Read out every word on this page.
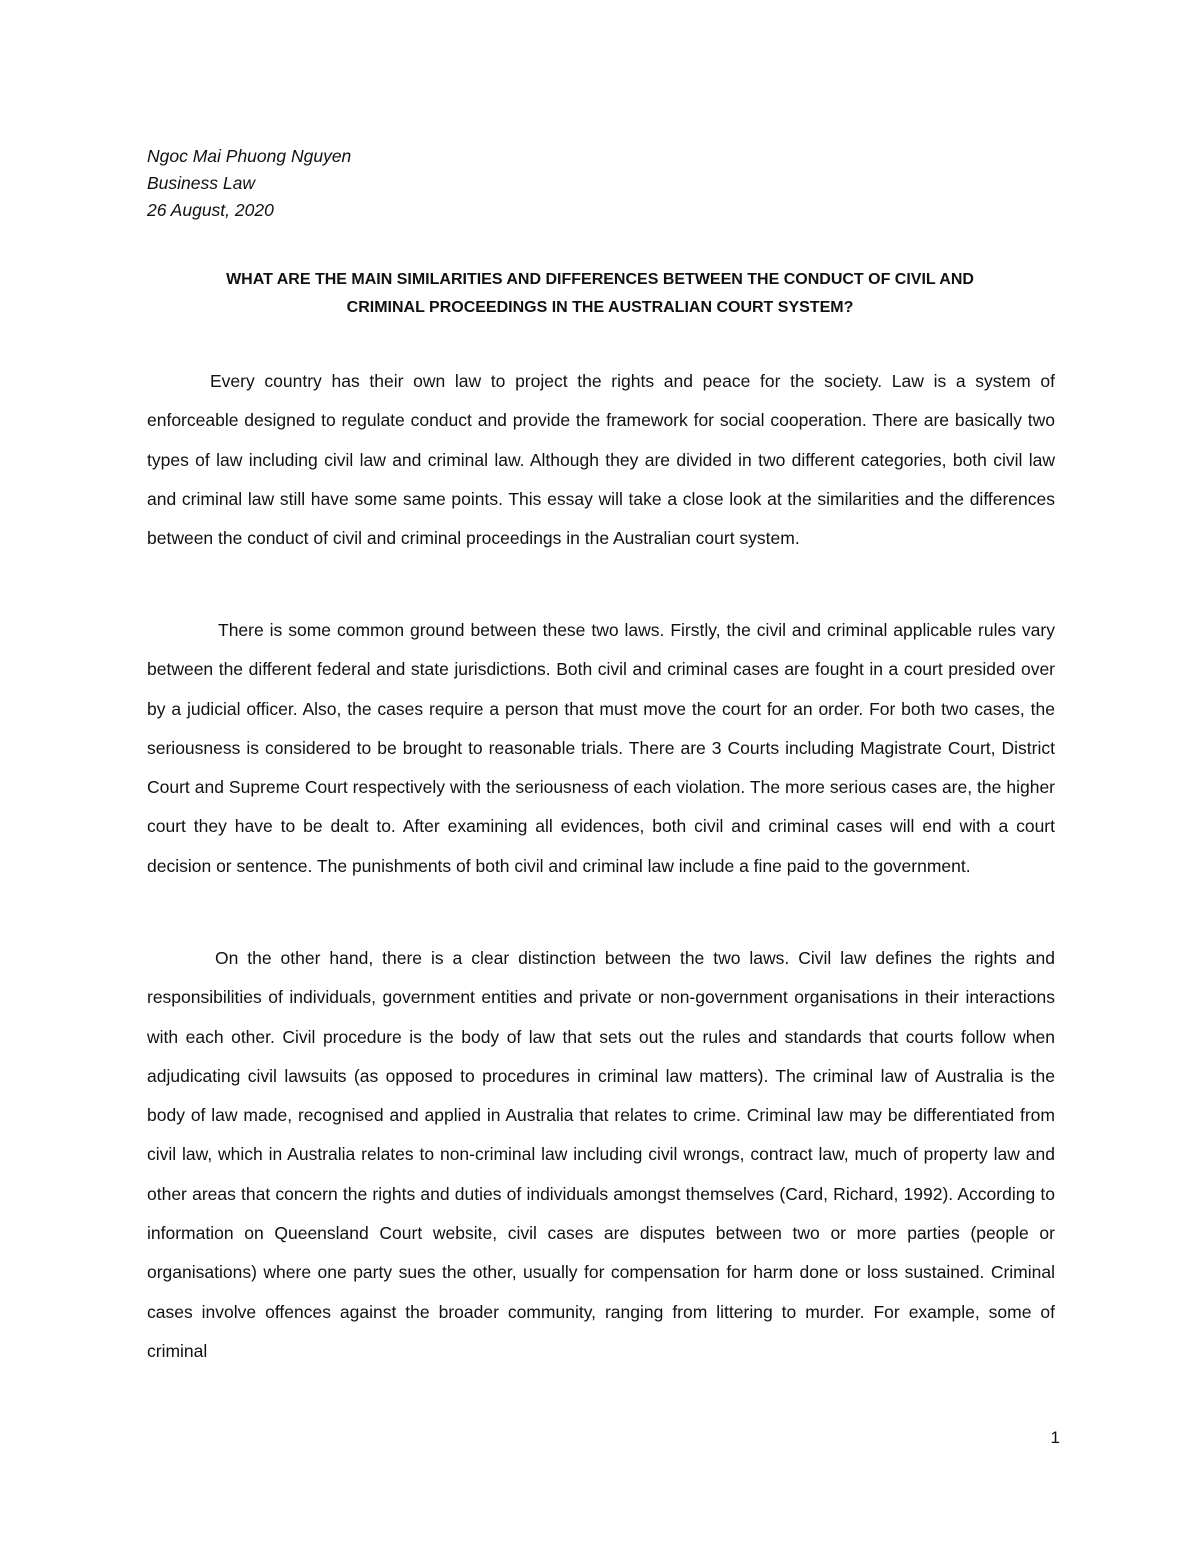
Ngoc Mai Phuong Nguyen
Business Law
26 August, 2020
WHAT ARE THE MAIN SIMILARITIES AND DIFFERENCES BETWEEN THE CONDUCT OF CIVIL AND
CRIMINAL PROCEEDINGS IN THE AUSTRALIAN COURT SYSTEM?

Every country has their own law to project the rights and peace for the society. Law is a system of enforceable designed to regulate conduct and provide the framework for social cooperation. There are basically two types of law including civil law and criminal law. Although they are divided in two different categories, both civil law and criminal law still have some same points. This essay will take a close look at the similarities and the differences between the conduct of civil and criminal proceedings in the Australian court system.

There is some common ground between these two laws. Firstly, the civil and criminal applicable rules vary between the different federal and state jurisdictions. Both civil and criminal cases are fought in a court presided over by a judicial officer. Also, the cases require a person that must move the court for an order. For both two cases, the seriousness is considered to be brought to reasonable trials. There are 3 Courts including Magistrate Court, District Court and Supreme Court respectively with the seriousness of each violation. The more serious cases are, the higher court they have to be dealt to. After examining all evidences, both civil and criminal cases will end with a court decision or sentence. The punishments of both civil and criminal law include a fine paid to the government.

On the other hand, there is a clear distinction between the two laws. Civil law defines the rights and responsibilities of individuals, government entities and private or non-government organisations in their interactions with each other. Civil procedure is the body of law that sets out the rules and standards that courts follow when adjudicating civil lawsuits (as opposed to procedures in criminal law matters). The criminal law of Australia is the body of law made, recognised and applied in Australia that relates to crime. Criminal law may be differentiated from civil law, which in Australia relates to non-criminal law including civil wrongs, contract law, much of property law and other areas that concern the rights and duties of individuals amongst themselves (Card, Richard, 1992). According to information on Queensland Court website, civil cases are disputes between two or more parties (people or organisations) where one party sues the other, usually for compensation for harm done or loss sustained. Criminal cases involve offences against the broader community, ranging from littering to murder. For example, some of criminal

1
